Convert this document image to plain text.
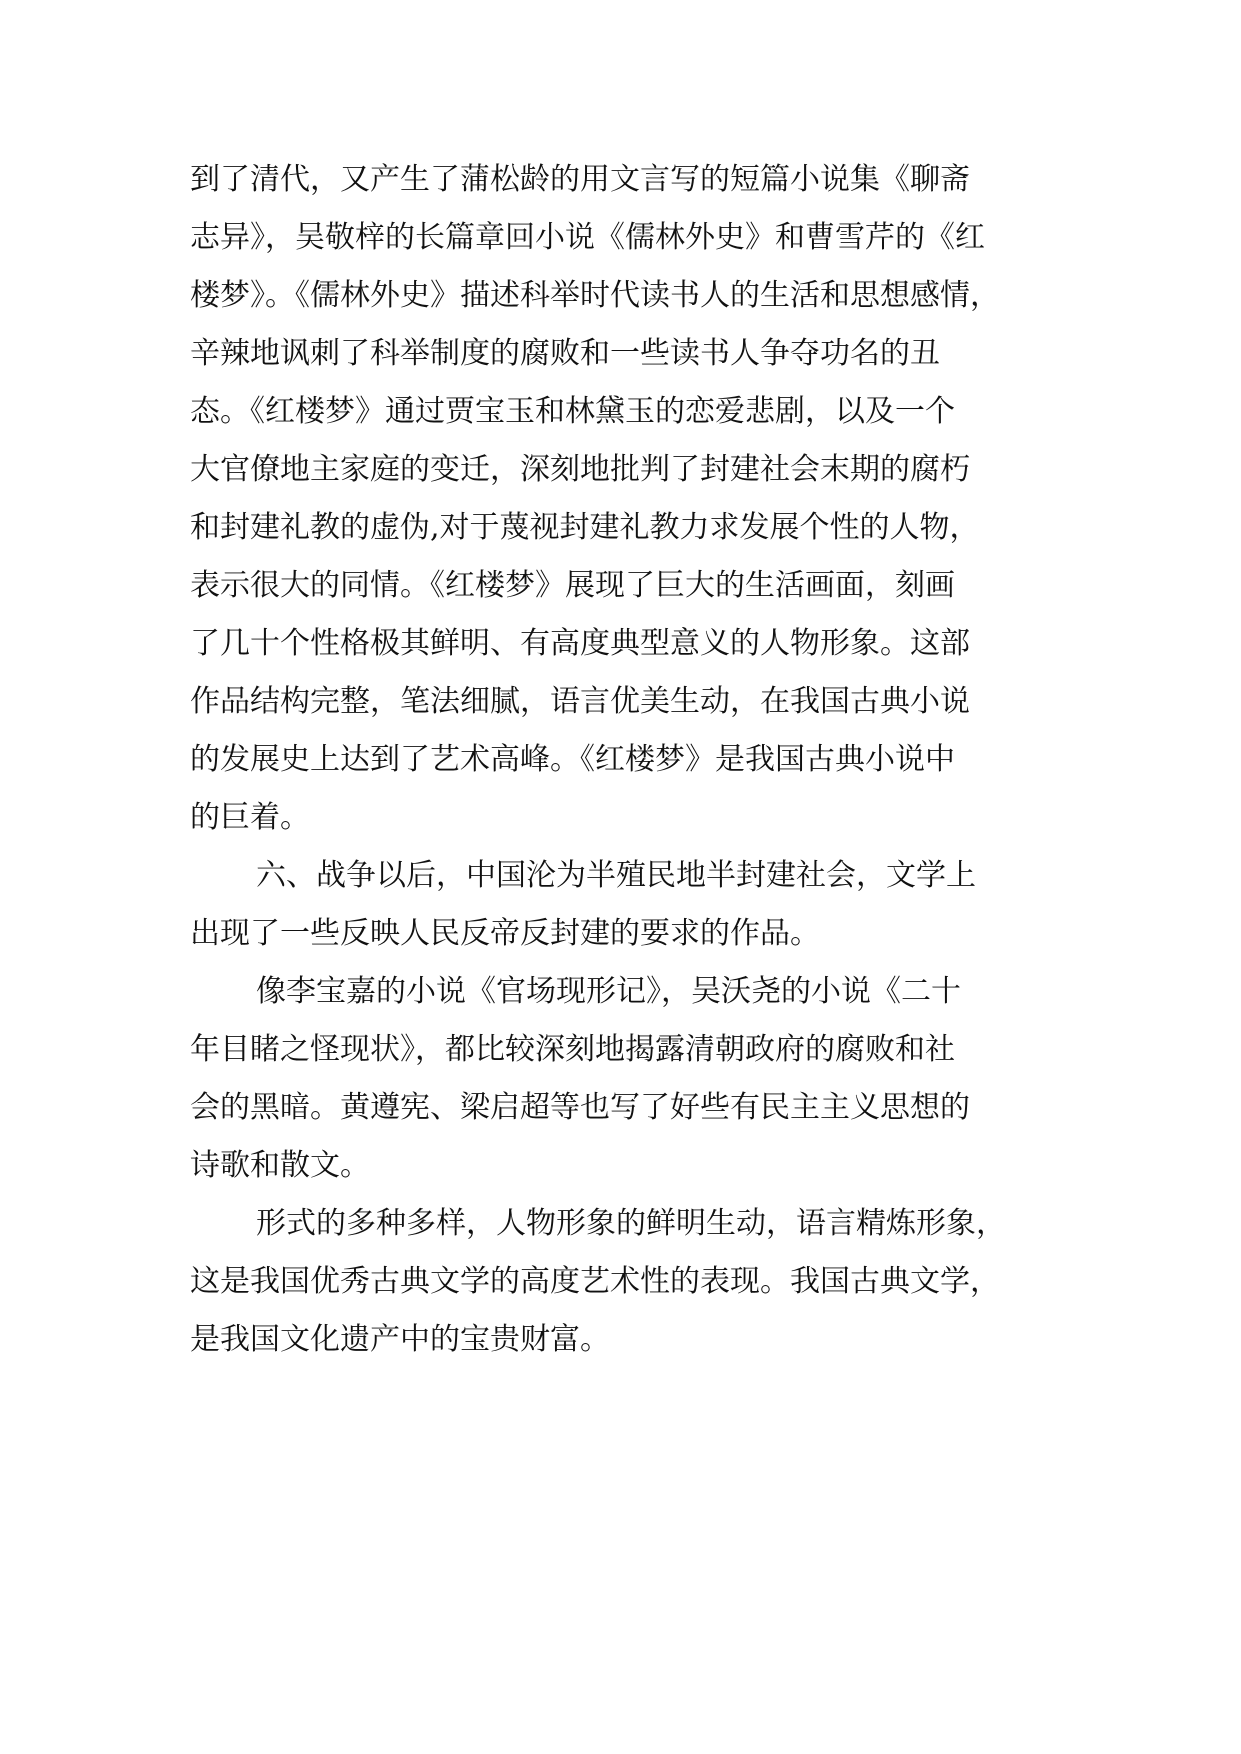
到了清代，又产生了蒲松龄的用文言写的短篇小说集《聊斋
志异》，吴敬梓的长篇章回小说《儒林外史》和曹雪芹的《红
楼梦》。《儒林外史》描述科举时代读书人的生活和思想感情，
辛辣地讽刺了科举制度的腐败和一些读书人争夺功名的丑
态。《红楼梦》通过贾宝玉和林黛玉的恋爱悲剧，以及一个
大官僚地主家庭的变迁，深刻地批判了封建社会末期的腐朽
和封建礼教的虚伪,对于蔑视封建礼教力求发展个性的人物，
表示很大的同情。《红楼梦》展现了巨大的生活画面，刻画
了几十个性格极其鲜明、有高度典型意义的人物形象。这部
作品结构完整，笔法细腻，语言优美生动，在我国古典小说
的发展史上达到了艺术高峰。《红楼梦》是我国古典小说中
的巨着。
六、战争以后，中国沦为半殖民地半封建社会，文学上
出现了一些反映人民反帝反封建的要求的作品。
像李宝嘉的小说《官场现形记》，吴沃尧的小说《二十
年目睹之怪现状》，都比较深刻地揭露清朝政府的腐败和社
会的黑暗。黄遵宪、梁启超等也写了好些有民主主义思想的
诗歌和散文。
形式的多种多样，人物形象的鲜明生动，语言精炼形象，
这是我国优秀古典文学的高度艺术性的表现。我国古典文学，
是我国文化遗产中的宝贵财富。
